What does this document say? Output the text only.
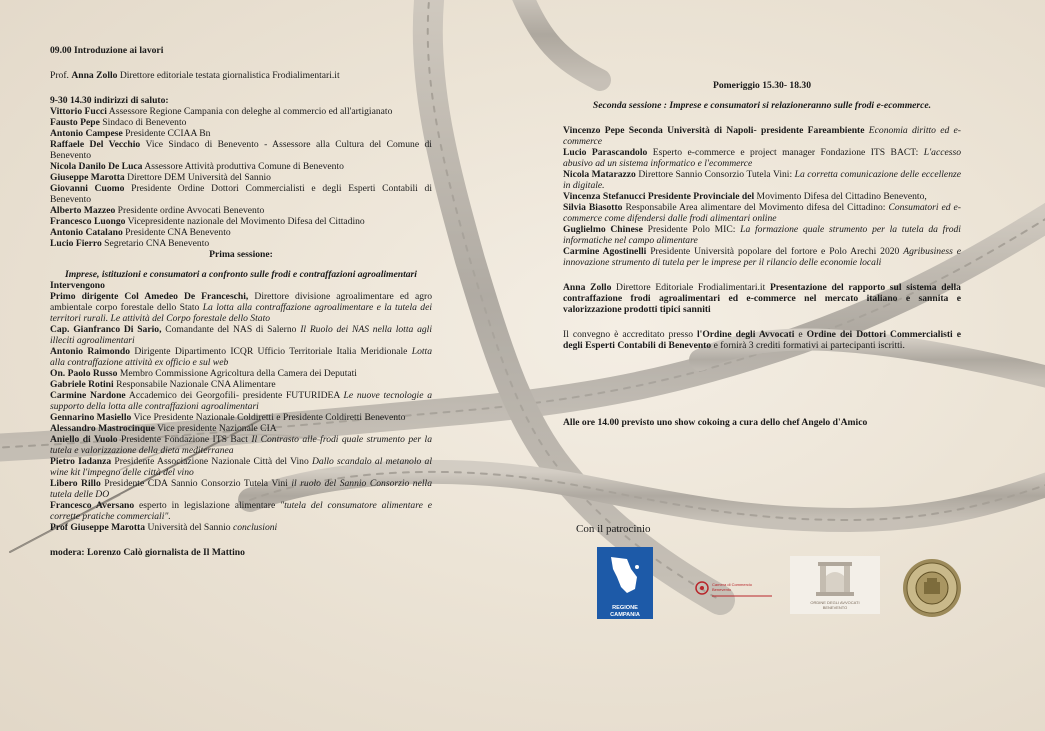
09.00 Introduzione ai lavori

Prof. Anna Zollo Direttore editoriale testata giornalistica Frodialimentari.it

9-30 14.30 indirizzi di saluto:

Vittorio Fucci Assessore Regione Campania con deleghe al commercio ed all'artigianato

Fausto Pepe Sindaco di Benevento

Antonio Campese Presidente CCIAA Bn

Raffaele Del Vecchio Vice Sindaco di Benevento - Assessore alla Cultura del Comune di Benevento

Nicola Danilo De Luca Assessore Attività produttiva Comune di Benevento

Giuseppe Marotta Direttore DEM Università del Sannio

Giovanni Cuomo Presidente Ordine Dottori Commercialisti e degli Esperti Contabili di Benevento

Alberto Mazzeo Presidente ordine Avvocati Benevento

Francesco Luongo Vicepresidente nazionale del Movimento Difesa del Cittadino

Antonio Catalano Presidente CNA Benevento

Lucio Fierro Segretario CNA Benevento

Prima sessione:

Imprese, istituzioni e consumatori a confronto sulle frodi e contraffazioni agroalimentari

Intervengono

Primo dirigente Col Amedeo De Franceschi, Direttore divisione agroalimentare ed agro ambientale corpo forestale dello Stato La lotta alla contraffazione agroalimentare e la tutela dei territori rurali. Le attività del Corpo forestale dello Stato

Cap. Gianfranco Di Sario, Comandante del NAS di Salerno Il Ruolo dei NAS nella lotta agli illeciti agroalimentari

Antonio Raimondo Dirigente Dipartimento ICQR Ufficio Territoriale Italia Meridionale Lotta alla contraffazione attività ex officio e sul web

On. Paolo Russo Membro Commissione Agricoltura della Camera dei Deputati

Gabriele Rotini Responsabile Nazionale CNA Alimentare

Carmine Nardone Accademico dei Georgofili- presidente FUTURIDEA Le nuove tecnologie a supporto della lotta alle contraffazioni agroalimentari

Gennarino Masiello Vice Presidente Nazionale Coldiretti e Presidente Coldiretti Benevento

Alessandro Mastrocinque Vice presidente Nazionale CIA

Aniello di Vuolo Presidente Fondazione ITS Bact Il Contrasto alle frodi quale strumento per la tutela e valorizzazione della dieta mediterranea

Pietro Iadanza Presidente Associazione Nazionale Città del Vino Dallo scandalo al metanolo al wine kit l'impegno delle città del vino

Libero Rillo Presidente CDA Sannio Consorzio Tutela Vini il ruolo del Sannio Consorzio nella tutela delle DO

Francesco Aversano esperto in legislazione alimentare "tutela del consumatore alimentare e corrette pratiche commerciali".

Prof Giuseppe Marotta Università del Sannio conclusioni

modera: Lorenzo Calò giornalista de Il Mattino

Pomeriggio 15.30- 18.30

Seconda sessione : Imprese e consumatori si relazioneranno sulle frodi e-ecommerce.

Vincenzo Pepe Seconda Università di Napoli- presidente Fareambiente Economia diritto ed e-commerce

Lucio Parascandolo Esperto e-commerce e project manager Fondazione ITS BACT: L'accesso abusivo ad un sistema informatico e l'ecommerce

Nicola Matarazzo Direttore Sannio Consorzio Tutela Vini: La corretta comunicazione delle eccellenze in digitale.

Vincenza Stefanucci Presidente Provinciale del Movimento Difesa del Cittadino Benevento,

Silvia Biasotto Responsabile Area alimentare del Movimento difesa del Cittadino: Consumatori ed e-commerce come difendersi dalle frodi alimentari online

Guglielmo Chinese Presidente Polo MIC: La formazione quale strumento per la tutela da frodi informatiche nel campo alimentare

Carmine Agostinelli Presidente Università popolare del fortore e Polo Arechi 2020 Agribusiness e innovazione strumento di tutela per le imprese per il rilancio delle economie locali

Anna Zollo Direttore Editoriale Frodialimentari.it Presentazione del rapporto sul sistema della contraffazione frodi agroalimentari ed e-commerce nel mercato italiano e sannita e valorizzazione prodotti tipici sanniti

Il convegno è accreditato presso l'Ordine degli Avvocati e Ordine dei Dottori Commercialisti e degli Esperti Contabili di Benevento e fornirà 3 crediti formativi ai partecipanti iscritti.

Alle ore 14.00 previsto uno show cokoing a cura dello chef Angelo d'Amico

Con il patrocinio
REGIONE CAMPANIA
Camera di Commercio
Benevento
ORDINE DEGLI AVVOCATI
BENEVENTO
